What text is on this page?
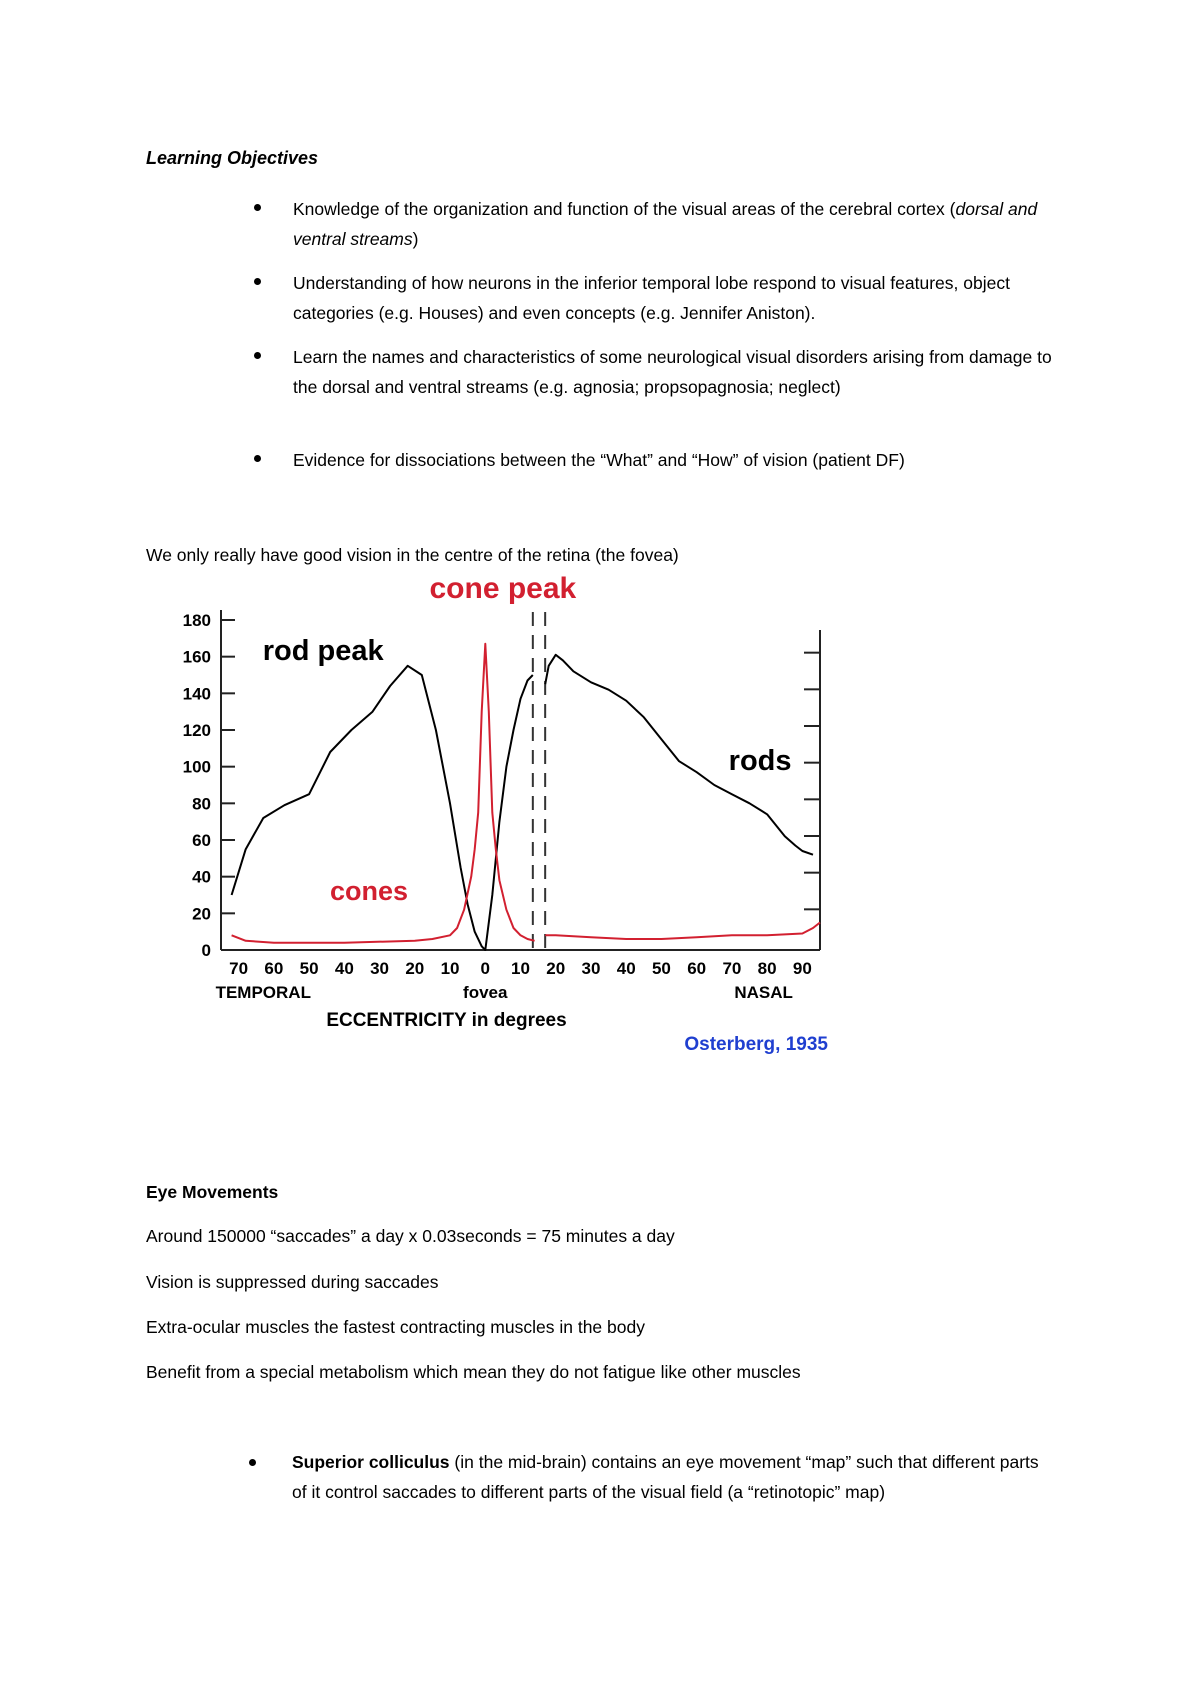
Learning Objectives
Knowledge of the organization and function of the visual areas of the cerebral cortex (dorsal and ventral streams)
Understanding of how neurons in the inferior temporal lobe respond to visual features, object categories (e.g. Houses) and even concepts (e.g. Jennifer Aniston).
Learn the names and characteristics of some neurological visual disorders arising from damage to the dorsal and ventral streams (e.g. agnosia; propsopagnosia; neglect)
Evidence for dissociations between the “What” and “How” of vision (patient DF)
We only really have good vision in the centre of the retina (the fovea)
180
160
140
120
100
80
60
40
20
0
70 60 50 40 30 20 10 0 10 20 30 40 50 60 70 80 90
TEMPORAL	fovea	NASAL
ECCENTRICITY in degrees
cone peak
rod peak
rods
cones
Osterberg, 1935
Eye Movements
Around 150000 “saccades” a day x 0.03seconds = 75 minutes a day
Vision is suppressed during saccades
Extra-ocular muscles the fastest contracting muscles in the body
Benefit from a special metabolism which mean they do not fatigue like other muscles
Superior colliculus (in the mid-brain) contains an eye movement “map” such that different parts of it control saccades to different parts of the visual field (a “retinotopic” map)
